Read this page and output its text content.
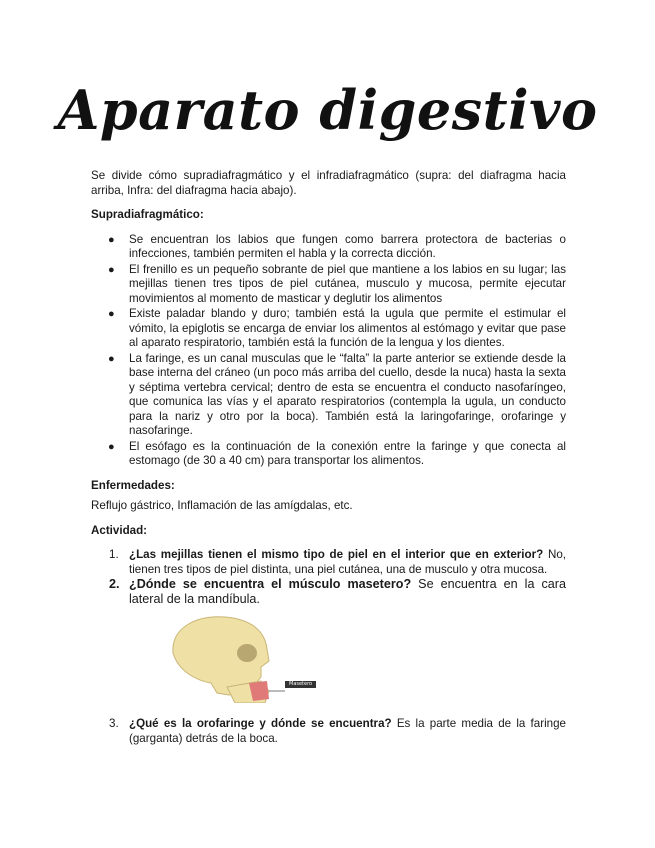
Aparato digestivo

Se divide cómo supradiafragmático y el infradiafragmático (supra: del diafragma hacia arriba, Infra: del diafragma hacia abajo).

Supradiafragmático:

● Se encuentran los labios que fungen como barrera protectora de bacterias o infecciones, también permiten el habla y la correcta dicción.
● El frenillo es un pequeño sobrante de piel que mantiene a los labios en su lugar; las mejillas tienen tres tipos de piel cutánea, musculo y mucosa, permite ejecutar movimientos al momento de masticar y deglutir los alimentos
● Existe paladar blando y duro; también está la ugula que permite el estimular el vómito, la epiglotis se encarga de enviar los alimentos al estómago y evitar que pase al aparato respiratorio, también está la función de la lengua y los dientes.
● La faringe, es un canal musculas que le “falta” la parte anterior se extiende desde la base interna del cráneo (un poco más arriba del cuello, desde la nuca) hasta la sexta y séptima vertebra cervical; dentro de esta se encuentra el conducto nasofaríngeo, que comunica las vías y el aparato respiratorios (contempla la ugula, un conducto para la nariz y otro por la boca). También está la laringofaringe, orofaringe y nasofaringe.
● El esófago es la continuación de la conexión entre la faringe y que conecta al estomago (de 30 a 40 cm) para transportar los alimentos.

Enfermedades:

Reflujo gástrico, Inflamación de las amígdalas, etc.

Actividad:

1. ¿Las mejillas tienen el mismo tipo de piel en el interior que en exterior? No, tienen tres tipos de piel distinta, una piel cutánea, una de musculo y otra mucosa.
2. ¿Dónde se encuentra el músculo masetero? Se encuentra en la cara lateral de la mandíbula.
Masetero
3. ¿Qué es la orofaringe y dónde se encuentra? Es la parte media de la faringe (garganta) detrás de la boca.
